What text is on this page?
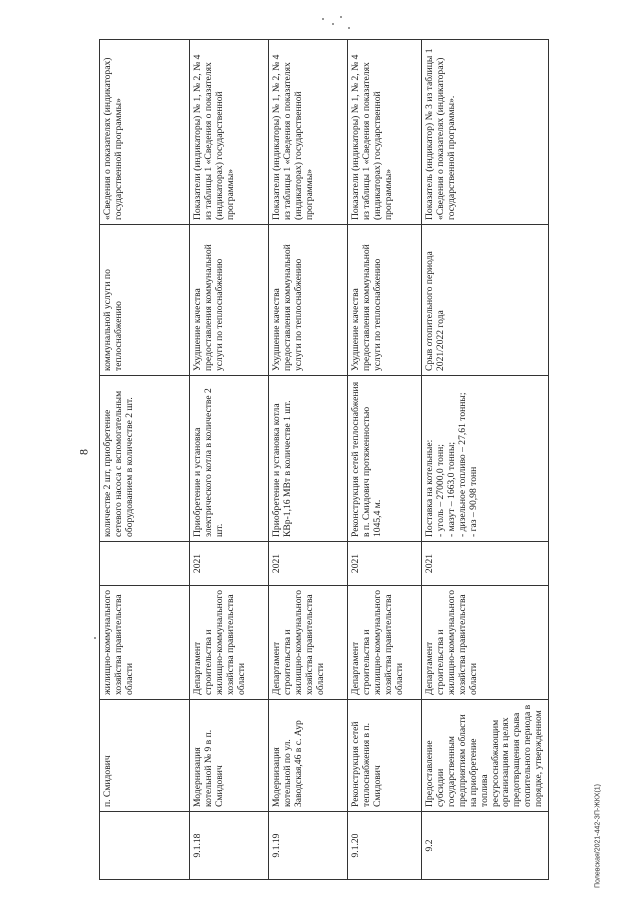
8
	п. Смидович	жилищно-коммунального хозяйства правительства области		количестве 2 шт, приобретение сетевого насоса с вспомогательным оборудованием в количестве 2 шт.	коммунальной услуги по теплоснабжению	«Сведения о показателях (индикаторах) государственной программы»
9.1.18	Модернизация котельной № 9 в п. Смидович	Департамент строительства и жилищно-коммунального хозяйства правительства области	2021	Приобретение и установка электрического котла в количестве 2 шт.	Ухудшение качества предоставления коммунальной услуги по теплоснабжению	Показатели (индикаторы) № 1, № 2, № 4 из таблицы 1 «Сведения о показателях (индикаторах) государственной программы»
9.1.19	Модернизация котельной по ул. Заводская,46 в с. Аур	Департамент строительства и жилищно-коммунального хозяйства правительства области	2021	Приобретение и установка котла КВр-1,16 МВт в количестве 1 шт.	Ухудшение качества предоставления коммунальной услуги по теплоснабжению	Показатели (индикаторы) № 1, № 2, № 4 из таблицы 1 «Сведения о показателях (индикаторах) государственной программы»
9.1.20	Реконструкция сетей теплоснабжения в п. Смидович	Департамент строительства и жилищно-коммунального хозяйства правительства области	2021	Реконструкция сетей теплоснабжения в п. Смидович протяженностью 1045,4 м.	Ухудшение качества предоставления коммунальной услуги по теплоснабжению	Показатели (индикаторы) № 1, № 2, № 4 из таблицы 1 «Сведения о показателях (индикаторах) государственной программы»
9.2	Предоставление субсидии государственным предприятиям области на приобретение топлива ресурсоснабжающим организациям в целях предотвращения срыва отопительного периода в порядке, утвержденном	Департамент строительства и жилищно-коммунального хозяйства правительства области	2021	Поставка на котельные:
- уголь – 27000,0 тонн;
- мазут – 1663,0 тонны;
- дизельное топливо – 27,61 тонны;
- газ – 90,98 тонн	Срыв отопительного периода 2021/2022 года	Показатель (индикатор) № 3 из таблицы 1 «Сведения о показателях (индикаторах) государственной программы».
Полевская/2021-442-ЗП-ЖКХ(1)
